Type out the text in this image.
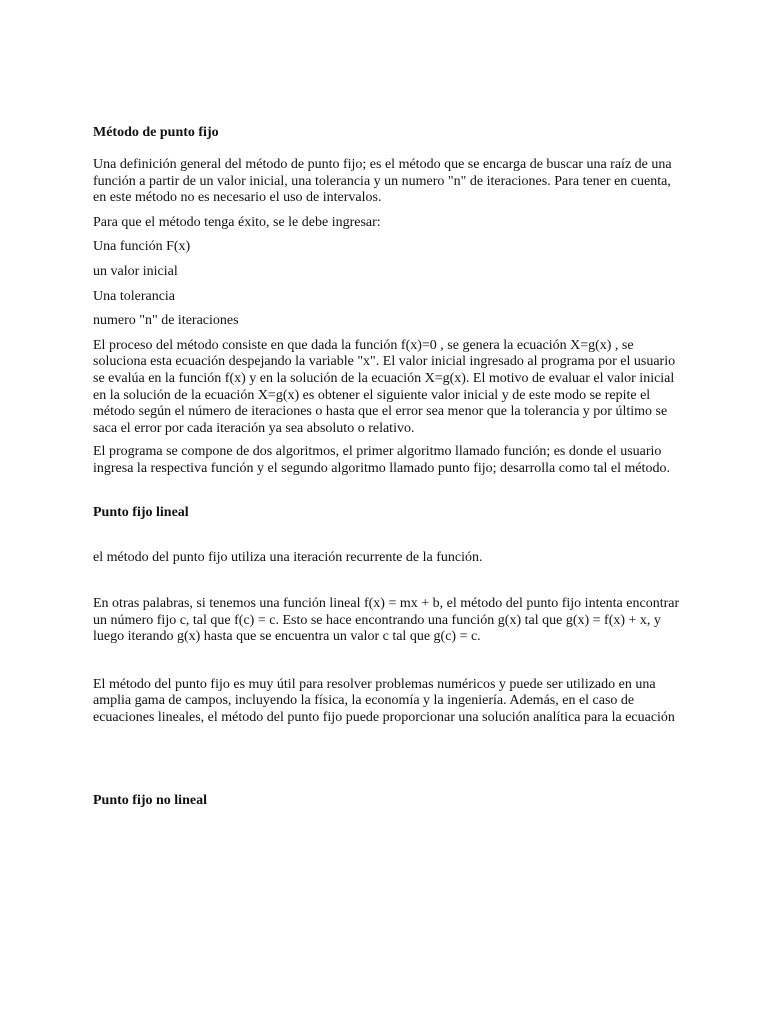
Método de punto fijo

Una definición general del método de punto fijo; es el método que se encarga de buscar una raíz de una función a partir de un valor inicial, una tolerancia y un numero "n" de iteraciones. Para tener en cuenta, en este método no es necesario el uso de intervalos.

Para que el método tenga éxito, se le debe ingresar:

Una función F(x)

un valor inicial

Una tolerancia

numero "n" de iteraciones

El proceso del método consiste en que dada la función f(x)=0 , se genera la ecuación X=g(x) , se soluciona esta ecuación despejando la variable "x". El valor inicial ingresado al programa por el usuario se evalúa en la función f(x) y en la solución de la ecuación X=g(x). El motivo de evaluar el valor inicial en la solución de la ecuación X=g(x) es obtener el siguiente valor inicial y de este modo se repite el método según el número de iteraciones o hasta que el error sea menor que la tolerancia y por último se saca el error por cada iteración ya sea absoluto o relativo.

El programa se compone de dos algoritmos, el primer algoritmo llamado función; es donde el usuario ingresa la respectiva función y el segundo algoritmo llamado punto fijo; desarrolla como tal el método.

Punto fijo lineal

el método del punto fijo utiliza una iteración recurrente de la función.

En otras palabras, si tenemos una función lineal f(x) = mx + b, el método del punto fijo intenta encontrar un número fijo c, tal que f(c) = c. Esto se hace encontrando una función g(x) tal que g(x) = f(x) + x, y luego iterando g(x) hasta que se encuentra un valor c tal que g(c) = c.

El método del punto fijo es muy útil para resolver problemas numéricos y puede ser utilizado en una amplia gama de campos, incluyendo la física, la economía y la ingeniería. Además, en el caso de ecuaciones lineales, el método del punto fijo puede proporcionar una solución analítica para la ecuación

Punto fijo no lineal
